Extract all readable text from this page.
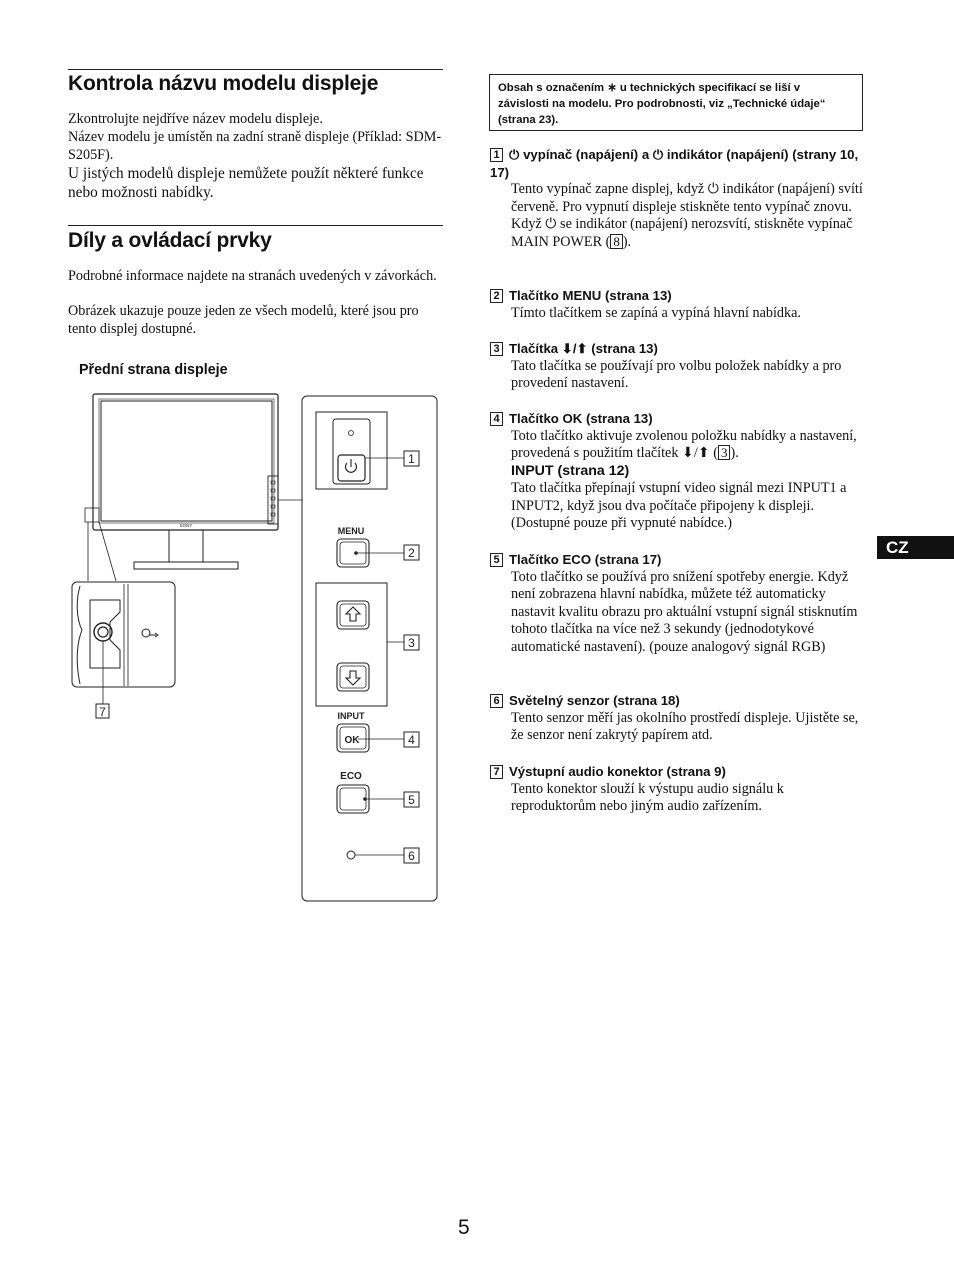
Kontrola názvu modelu displeje

Zkontrolujte nejdříve název modelu displeje.

Název modelu je umístěn na zadní straně displeje (Příklad: SDM-S205F).

U jistých modelů displeje nemůžete použít některé funkce nebo možnosti nabídky.

Díly a ovládací prvky

Podrobné informace najdete na stranách uvedených v závorkách.

Obrázek ukazuje pouze jeden ze všech modelů, které jsou pro tento displej dostupné.

Přední strana displeje
SONY
7
1
MENU
2
3
INPUT
OK	4
ECO
5
6
Obsah s označením ∗ u technických specifikací se liší v závislosti na modelu. Pro podrobnosti, viz „Technické údaje“ (strana 23).
1 ⏻ vypínač (napájení) a ⏻ indikátor (napájení) (strany 10, 17)
Tento vypínač zapne displej, když ⏻ indikátor (napájení) svítí červeně. Pro vypnutí displeje stiskněte tento vypínač znovu.
Když ⏻ se indikátor (napájení) nerozsvítí, stiskněte vypínač MAIN POWER ( 8 ).
2 Tlačítko MENU (strana 13)
Tímto tlačítkem se zapíná a vypíná hlavní nabídka.
3 Tlačítka ⬇/⬆ (strana 13)
Tato tlačítka se používají pro volbu položek nabídky a pro provedení nastavení.
4 Tlačítko OK (strana 13)
Toto tlačítko aktivuje zvolenou položku nabídky a nastavení, provedená s použitím tlačítek ⬇/⬆ ( 3 ).
INPUT (strana 12)
Tato tlačítka přepínají vstupní video signál mezi INPUT1 a INPUT2, když jsou dva počítače připojeny k displeji. (Dostupné pouze při vypnuté nabídce.)
5 Tlačítko ECO (strana 17)
Toto tlačítko se používá pro snížení spotřeby energie. Když není zobrazena hlavní nabídka, můžete též automaticky nastavit kvalitu obrazu pro aktuální vstupní signál stisknutím tohoto tlačítka na více než 3 sekundy (jednodotykové automatické nastavení). (pouze analogový signál RGB)
6 Světelný senzor (strana 18)
Tento senzor měří jas okolního prostředí displeje. Ujistěte se, že senzor není zakrytý papírem atd.
7 Výstupní audio konektor (strana 9)
Tento konektor slouží k výstupu audio signálu k reproduktorům nebo jiným audio zařízením.
CZ
5
